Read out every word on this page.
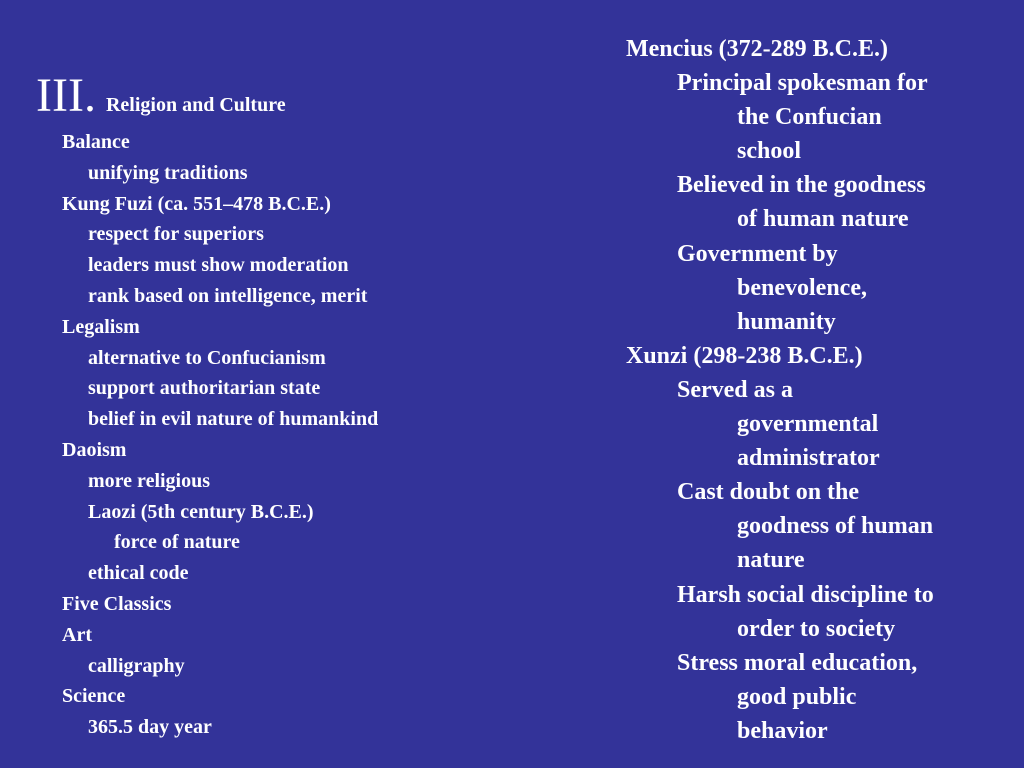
III. Religion and Culture
Balance
unifying traditions
Kung Fuzi (ca. 551–478 B.C.E.)
respect for superiors
leaders must show moderation
rank based on intelligence, merit
Legalism
alternative to Confucianism
support authoritarian state
belief in evil nature of humankind
Daoism
more religious
Laozi (5th century B.C.E.)
force of nature
ethical code
Five Classics
Art
calligraphy
Science
365.5 day year
Mencius (372-289 B.C.E.)
Principal spokesman for
the Confucian
school
Believed in the goodness
of human nature
Government by
benevolence,
humanity
Xunzi (298-238 B.C.E.)
Served as a
governmental
administrator
Cast doubt on the
goodness of human
nature
Harsh social discipline to
order to society
Stress moral education,
good public
behavior
